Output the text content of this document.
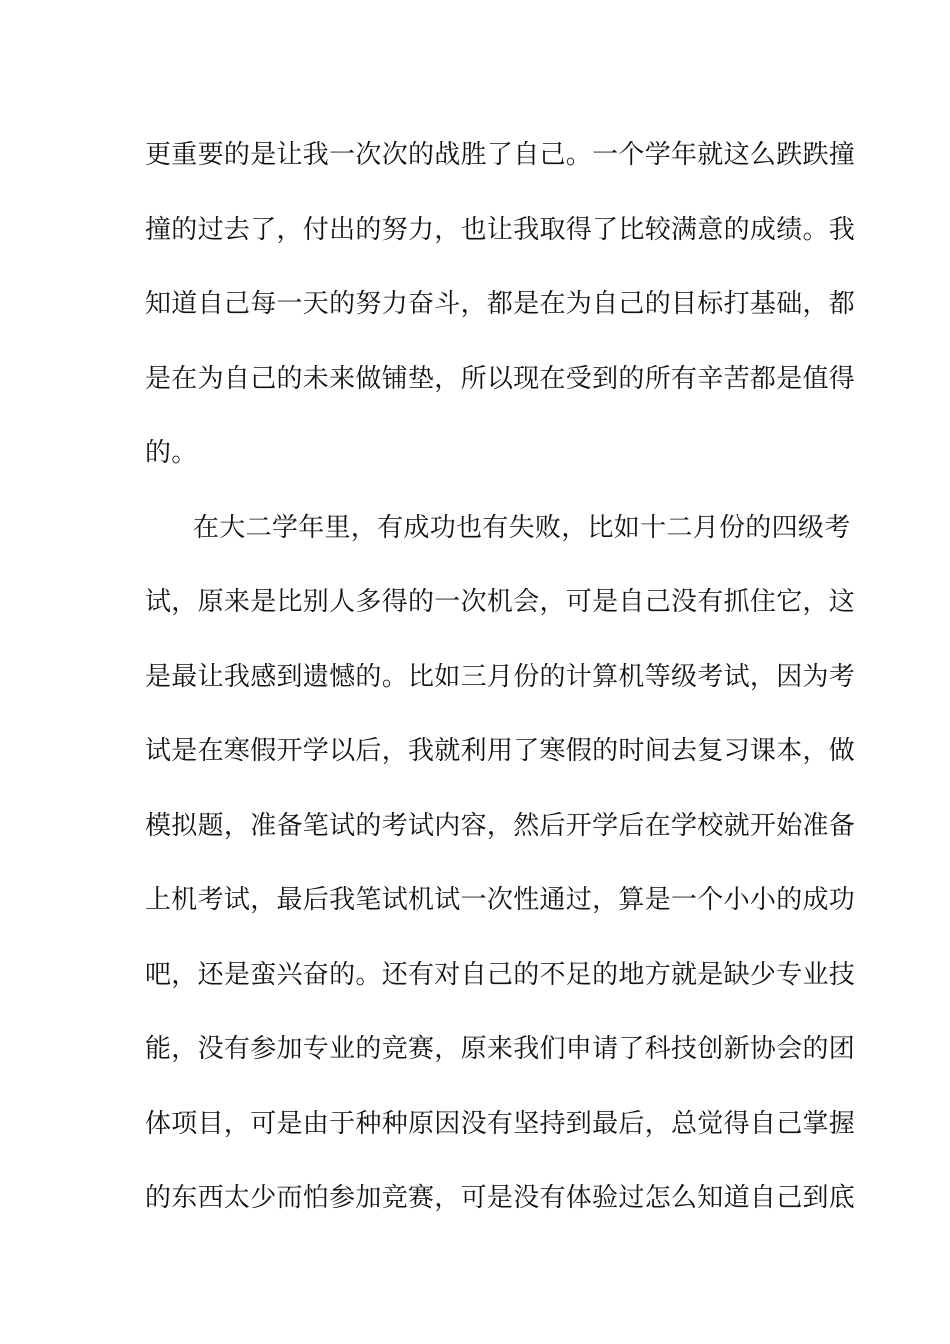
更重要的是让我一次次的战胜了自己。一个学年就这么跌跌撞
撞的过去了，付出的努力，也让我取得了比较满意的成绩。我
知道自己每一天的努力奋斗，都是在为自己的目标打基础，都
是在为自己的未来做铺垫，所以现在受到的所有辛苦都是值得
的。
在大二学年里，有成功也有失败，比如十二月份的四级考
试，原来是比别人多得的一次机会，可是自己没有抓住它，这
是最让我感到遗憾的。比如三月份的计算机等级考试，因为考
试是在寒假开学以后，我就利用了寒假的时间去复习课本，做
模拟题，准备笔试的考试内容，然后开学后在学校就开始准备
上机考试，最后我笔试机试一次性通过，算是一个小小的成功
吧，还是蛮兴奋的。还有对自己的不足的地方就是缺少专业技
能，没有参加专业的竞赛，原来我们申请了科技创新协会的团
体项目，可是由于种种原因没有坚持到最后，总觉得自己掌握
的东西太少而怕参加竞赛，可是没有体验过怎么知道自己到底
